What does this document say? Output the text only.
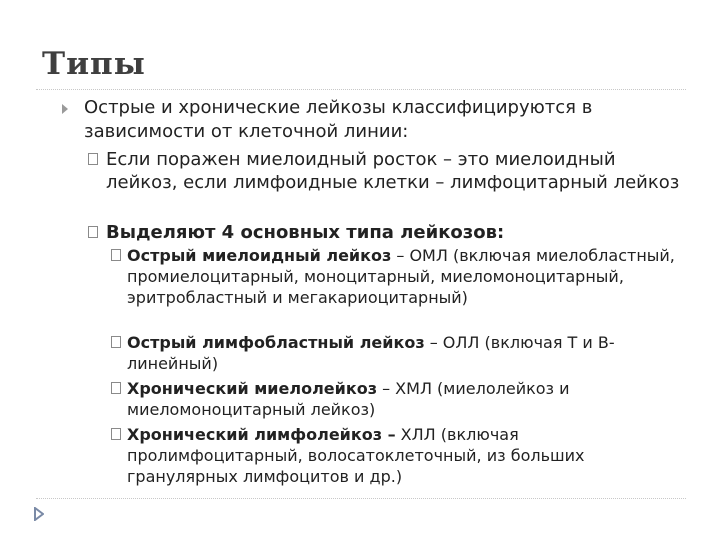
Типы
Острые и хронические лейкозы классифицируются в зависимости от клеточной линии:
Если поражен миелоидный росток – это миелоидный лейкоз, если лимфоидные клетки – лимфоцитарный лейкоз
Выделяют 4 основных типа лейкозов:
Острый миелоидный лейкоз – ОМЛ (включая миелобластный, промиелоцитарный, моноцитарный, миеломоноцитарный, эритробластный и мегакариоцитарный)
Острый лимфобластный лейкоз – ОЛЛ (включая Т и В-линейный)
Хронический миелолейкоз – ХМЛ (миелолейкоз и миеломоноцитарный лейкоз)
Хронический лимфолейкоз – ХЛЛ (включая пролимфоцитарный, волосатоклеточный, из больших гранулярных лимфоцитов и др.)
